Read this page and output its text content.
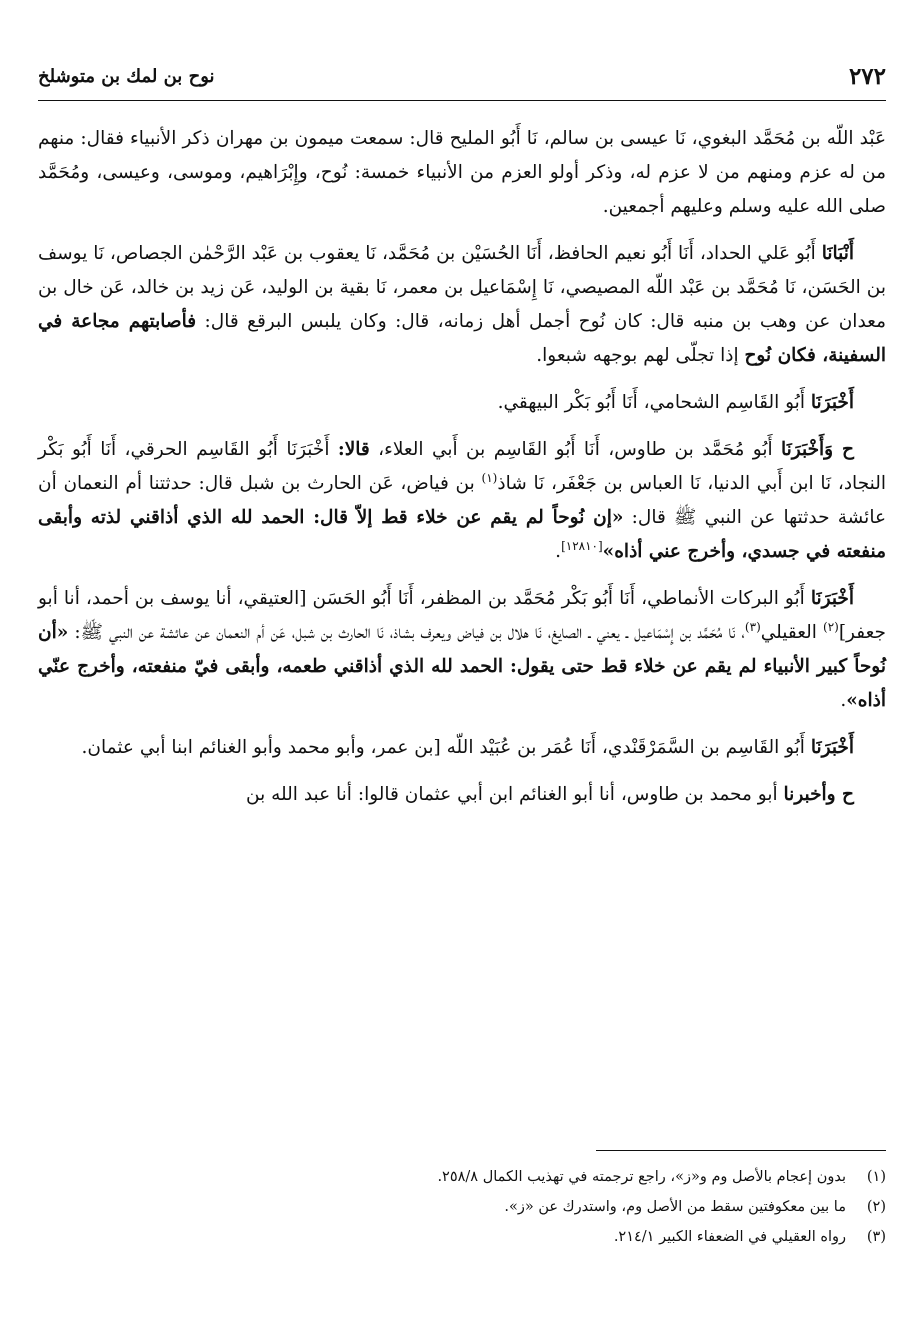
٢٧٢
نوح بن لمك بن متوشلخ

عَبْد اللّه بن مُحَمَّد البغوي، نَا عيسى بن سالم، نَا أَبُو المليح قال: سمعت ميمون بن مهران ذكر الأنبياء فقال: منهم من له عزم ومنهم من لا عزم له، وذكر أولو العزم من الأنبياء خمسة: نُوح، وإِبْرَاهيم، وموسى، وعيسى، ومُحَمَّد صلى الله عليه وسلم وعليهم أجمعين.

أَنْبَانَا أَبُو عَلي الحداد، أَنَا أَبُو نعيم الحافظ، أَنَا الحُسَيْن بن مُحَمَّد، نَا يعقوب بن عَبْد الرَّحْمٰن الجصاص، نَا يوسف بن الحَسَن، نَا مُحَمَّد بن عَبْد اللّه المصيصي، نَا إِسْمَاعيل بن معمر، نَا بقية بن الوليد، عَن زيد بن خالد، عَن خال بن معدان عن وهب بن منبه قال: كان نُوح أجمل أهل زمانه، قال: وكان يلبس البرقع قال: فأصابتهم مجاعة في السفينة، فكان نُوح إذا تجلّى لهم بوجهه شبعوا.

أَخْبَرَنَا أَبُو القَاسِم الشحامي، أَنَا أَبُو بَكْر البيهقي.

ح وَأَخْبَرَنَا أَبُو مُحَمَّد بن طاوس، أَنَا أَبُو القَاسِم بن أَبي العلاء، قالا: أَخْبَرَنَا أَبُو القَاسِم الحرقي، أَنَا أَبُو بَكْر النجاد، نَا ابن أَبي الدنيا، نَا العباس بن جَعْفَر، نَا شاذ$^{(١)}$ بن فياض، عَن الحارث بن شبل قال: حدثتنا أم النعمان أن عائشة حدثتها عن النبي ﷺ قال: «إن نُوحاً لم يقم عن خلاء قط إلاّ قال: الحمد لله الذي أذاقني لذته وأبقى منفعته في جسدي، وأخرج عني أذاه»[١٢٨١٠].

أَخْبَرَنَا أَبُو البركات الأنماطي، أَنَا أَبُو بَكْر مُحَمَّد بن المظفر، أَنَا أَبُو الحَسَن [العتيقي، أنا يوسف بن أحمد، أنا أبو جعفر]$^{(٢)}$ العقيلي$^{(٣)}$، نَا مُحَمَّد بن إِسْمَاعيل ـ يعني ـ الصايغ، نَا هلال بن فياض ويعرف بشاذ، نَا الحارث بن شبل، عَن أم النعمان عن عائشة عن النبي ﷺ: «أن نُوحاً كبير الأنبياء لم يقم عن خلاء قط حتى يقول: الحمد لله الذي أذاقني طعمه، وأبقى فيّ منفعته، وأخرج عنّي أذاه».

أَخْبَرَنَا أَبُو القَاسِم بن السَّمَرْقَنْدي، أَنَا عُمَر بن عُبَيْد اللّه [بن عمر، وأبو محمد وأبو الغنائم ابنا أبي عثمان.

ح وأخبرنا أبو محمد بن طاوس، أنا أبو الغنائم ابن أبي عثمان قالوا: أنا عبد الله بن

(١)
بدون إعجام بالأصل وم و«ز»، راجع ترجمته في تهذيب الكمال ٢٥٨/٨.
(٢)
ما بين معكوفتين سقط من الأصل وم، واستدرك عن «ز».
(٣)
رواه العقيلي في الضعفاء الكبير ٢١٤/١.
